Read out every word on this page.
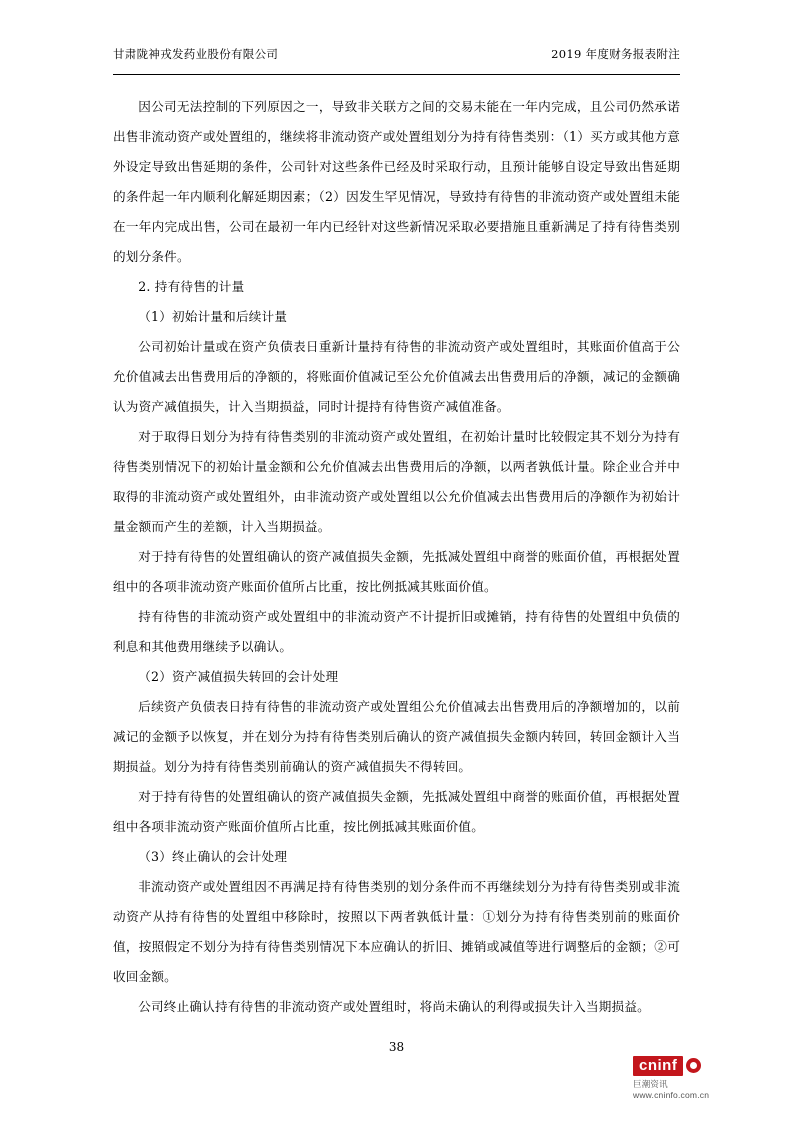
甘肃陇神戎发药业股份有限公司	2019 年度财务报表附注

因公司无法控制的下列原因之一，导致非关联方之间的交易未能在一年内完成，且公司仍然承诺出售非流动资产或处置组的，继续将非流动资产或处置组划分为持有待售类别：（1）买方或其他方意外设定导致出售延期的条件，公司针对这些条件已经及时采取行动，且预计能够自设定导致出售延期的条件起一年内顺利化解延期因素；（2）因发生罕见情况，导致持有待售的非流动资产或处置组未能在一年内完成出售，公司在最初一年内已经针对这些新情况采取必要措施且重新满足了持有待售类别的划分条件。

2. 持有待售的计量

（1）初始计量和后续计量

公司初始计量或在资产负债表日重新计量持有待售的非流动资产或处置组时，其账面价值高于公允价值减去出售费用后的净额的，将账面价值减记至公允价值减去出售费用后的净额，减记的金额确认为资产减值损失，计入当期损益，同时计提持有待售资产减值准备。

对于取得日划分为持有待售类别的非流动资产或处置组，在初始计量时比较假定其不划分为持有待售类别情况下的初始计量金额和公允价值减去出售费用后的净额，以两者孰低计量。除企业合并中取得的非流动资产或处置组外，由非流动资产或处置组以公允价值减去出售费用后的净额作为初始计量金额而产生的差额，计入当期损益。

对于持有待售的处置组确认的资产减值损失金额，先抵减处置组中商誉的账面价值，再根据处置组中的各项非流动资产账面价值所占比重，按比例抵减其账面价值。

持有待售的非流动资产或处置组中的非流动资产不计提折旧或摊销，持有待售的处置组中负债的利息和其他费用继续予以确认。

（2）资产减值损失转回的会计处理

后续资产负债表日持有待售的非流动资产或处置组公允价值减去出售费用后的净额增加的，以前减记的金额予以恢复，并在划分为持有待售类别后确认的资产减值损失金额内转回，转回金额计入当期损益。划分为持有待售类别前确认的资产减值损失不得转回。

对于持有待售的处置组确认的资产减值损失金额，先抵减处置组中商誉的账面价值，再根据处置组中各项非流动资产账面价值所占比重，按比例抵减其账面价值。

（3）终止确认的会计处理

非流动资产或处置组因不再满足持有待售类别的划分条件而不再继续划分为持有待售类别或非流动资产从持有待售的处置组中移除时，按照以下两者孰低计量：①划分为持有待售类别前的账面价值，按照假定不划分为持有待售类别情况下本应确认的折旧、摊销或减值等进行调整后的金额；②可收回金额。

公司终止确认持有待售的非流动资产或处置组时，将尚未确认的利得或损失计入当期损益。

38
cninf
巨潮资讯
www.cninfo.com.cn
